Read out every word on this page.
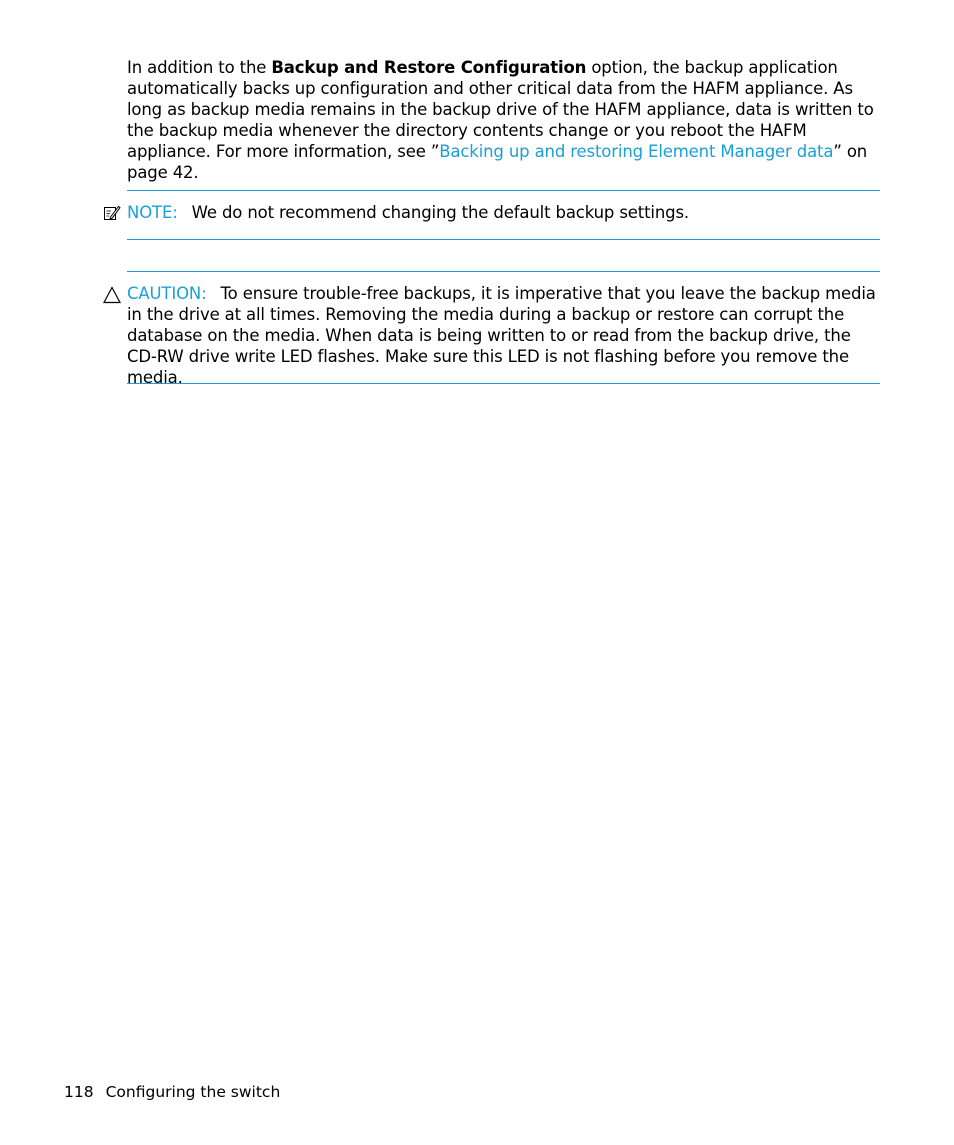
In addition to the Backup and Restore Configuration option, the backup application automatically backs up configuration and other critical data from the HAFM appliance. As long as backup media remains in the backup drive of the HAFM appliance, data is written to the backup media whenever the directory contents change or you reboot the HAFM appliance. For more information, see ”Backing up and restoring Element Manager data” on page 42.

NOTE: We do not recommend changing the default backup settings.
CAUTION: To ensure trouble-free backups, it is imperative that you leave the backup media in the drive at all times. Removing the media during a backup or restore can corrupt the database on the media. When data is being written to or read from the backup drive, the CD-RW drive write LED flashes. Make sure this LED is not flashing before you remove the media.
118 Configuring the switch
